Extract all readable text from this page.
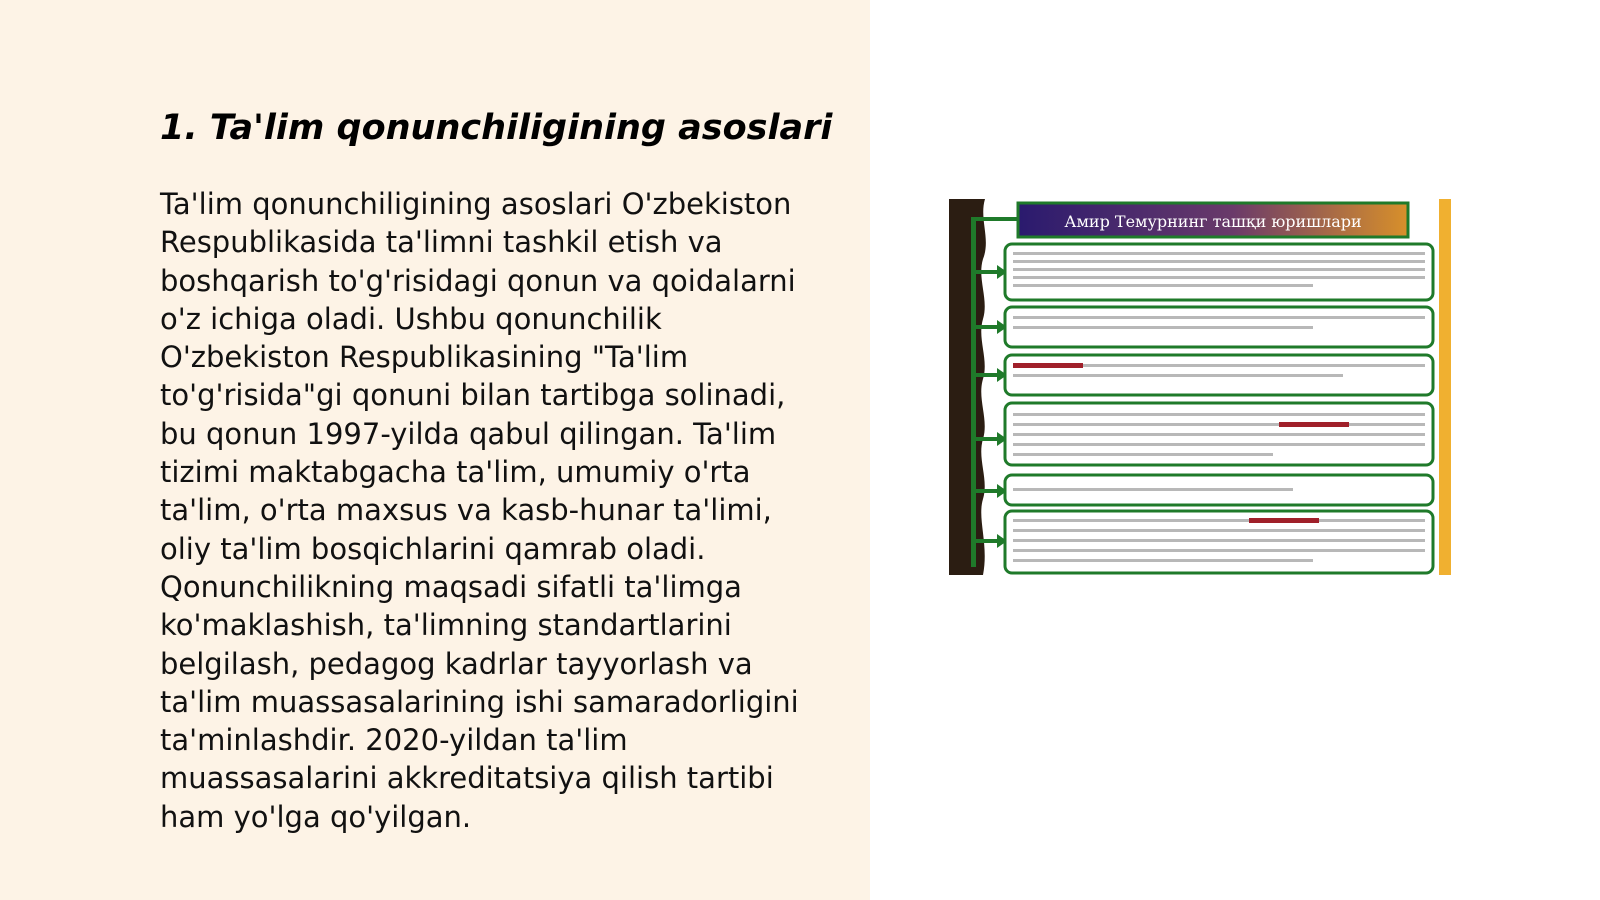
1. Ta'lim qonunchiligining asoslari

Ta'lim qonunchiligining asoslari O'zbekiston Respublikasida ta'limni tashkil etish va boshqarish to'g'risidagi qonun va qoidalarni o'z ichiga oladi. Ushbu qonunchilik O'zbekiston Respublikasining "Ta'lim to'g'risida"gi qonuni bilan tartibga solinadi, bu qonun 1997-yilda qabul qilingan. Ta'lim tizimi maktabgacha ta'lim, umumiy o'rta ta'lim, o'rta maxsus va kasb-hunar ta'limi, oliy ta'lim bosqichlarini qamrab oladi. Qonunchilikning maqsadi sifatli ta'limga ko'maklashish, ta'limning standartlarini belgilash, pedagog kadrlar tayyorlash va ta'lim muassasalarining ishi samaradorligini ta'minlashdir. 2020-yildan ta'lim muassasalarini akkreditatsiya qilish tartibi ham yo'lga qo'yilgan.

Амир Темурнинг ташқи юришлари
